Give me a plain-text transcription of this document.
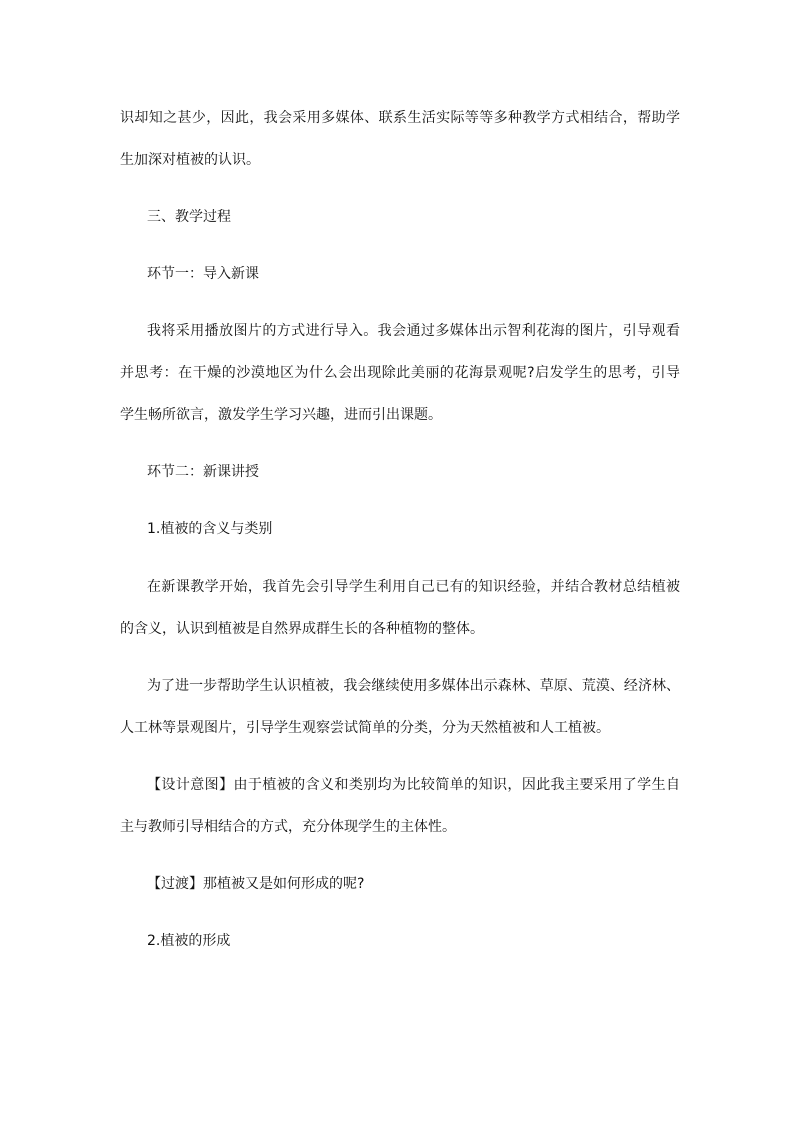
识却知之甚少，因此，我会采用多媒体、联系生活实际等等多种教学方式相结合，帮助学
生加深对植被的认识。
三、教学过程
环节一：导入新课
我将采用播放图片的方式进行导入。我会通过多媒体出示智利花海的图片，引导观看
并思考：在干燥的沙漠地区为什么会出现除此美丽的花海景观呢?启发学生的思考，引导
学生畅所欲言，激发学生学习兴趣，进而引出课题。
环节二：新课讲授
1.植被的含义与类别
在新课教学开始，我首先会引导学生利用自己已有的知识经验，并结合教材总结植被
的含义，认识到植被是自然界成群生长的各种植物的整体。
为了进一步帮助学生认识植被，我会继续使用多媒体出示森林、草原、荒漠、经济林、
人工林等景观图片，引导学生观察尝试简单的分类，分为天然植被和人工植被。
【设计意图】由于植被的含义和类别均为比较简单的知识，因此我主要采用了学生自
主与教师引导相结合的方式，充分体现学生的主体性。
【过渡】那植被又是如何形成的呢?
2.植被的形成
